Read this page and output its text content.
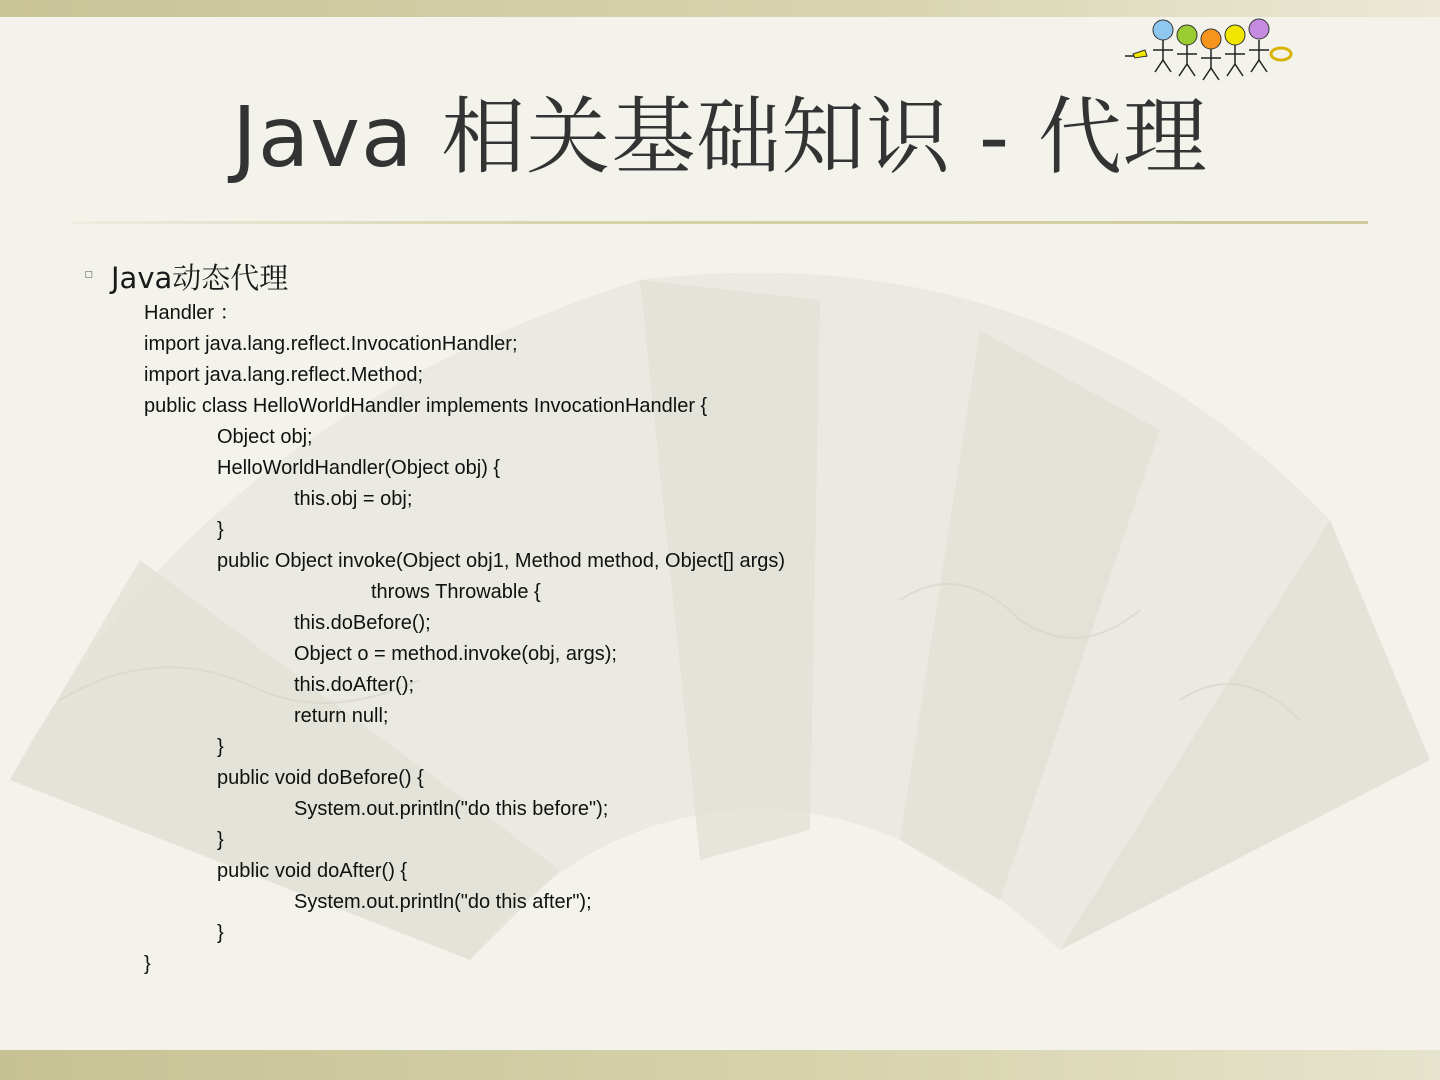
Java 相关基础知识 - 代理
▫ Java动态代理
Handler ：
import java.lang.reflect.InvocationHandler;
import java.lang.reflect.Method;
public class HelloWorldHandler implements InvocationHandler {
Object obj;
HelloWorldHandler(Object obj) {
this.obj = obj;
}
public Object invoke(Object obj1, Method method, Object[] args)
throws Throwable {
this.doBefore();
Object o = method.invoke(obj, args);
this.doAfter();
return null;
}
public void doBefore() {
System.out.println("do this before");
}
public void doAfter() {
System.out.println("do this after");
}
}
